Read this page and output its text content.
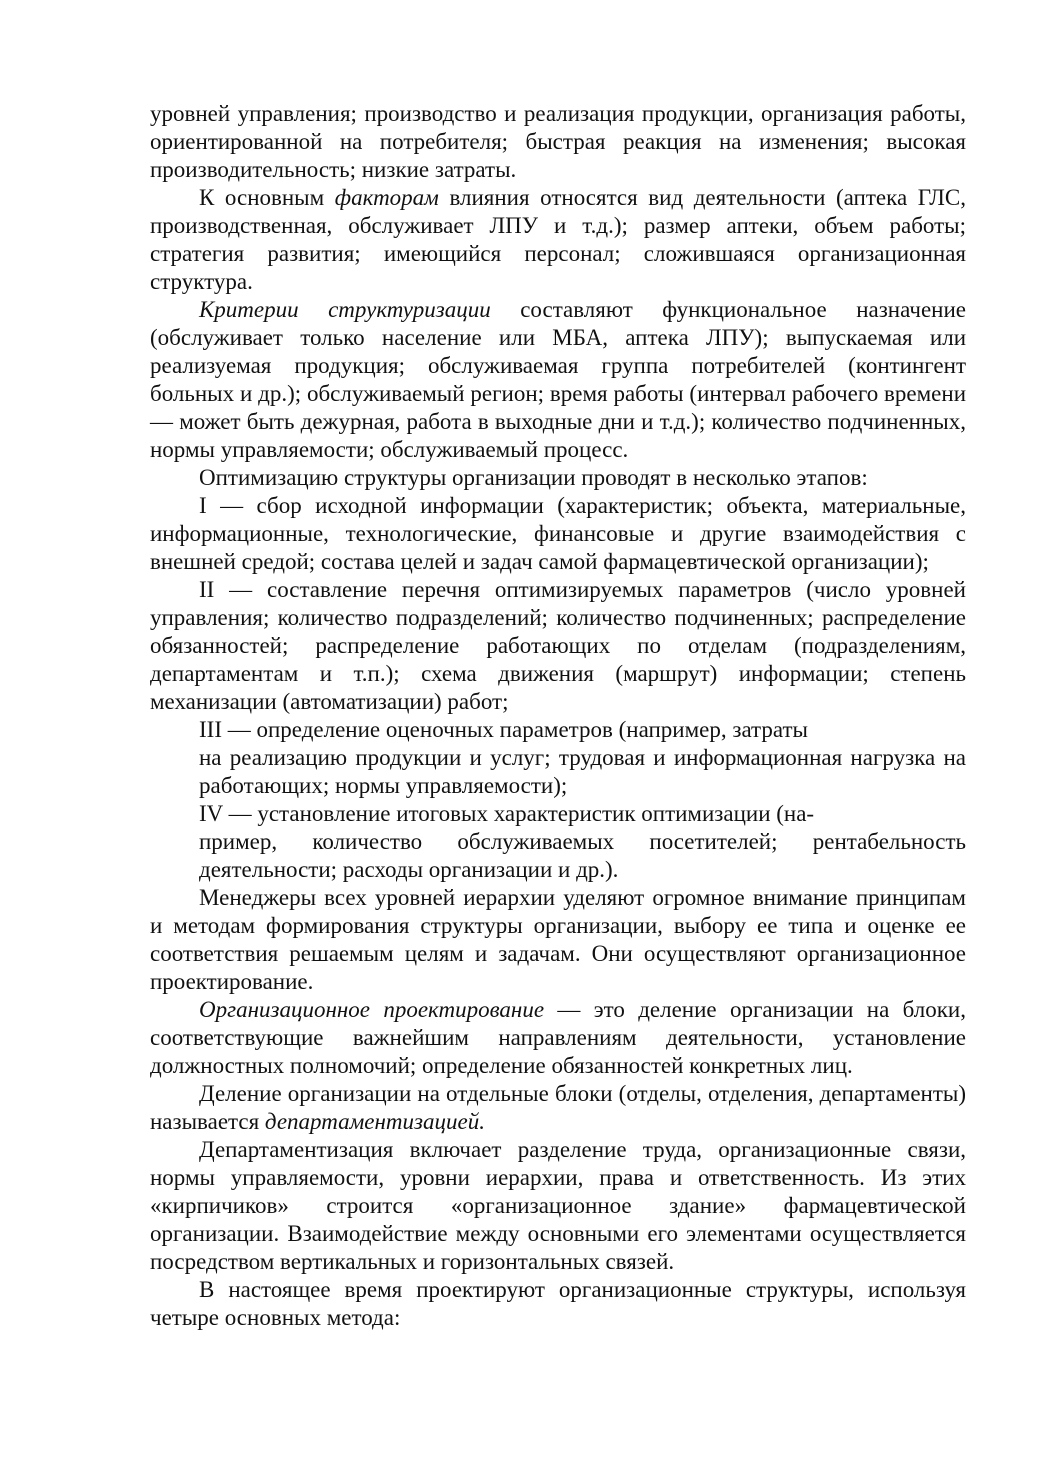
уровней управления; производство и реализация продукции, организация работы, ориентированной на потребителя; быстрая реакция на изменения; высокая производительность; низкие затраты.

К основным факторам влияния относятся вид деятельности (аптека ГЛС, производственная, обслуживает ЛПУ и т.д.); размер аптеки, объем работы; стратегия развития; имеющийся персонал; сложившаяся организационная структура.

Критерии структуризации составляют функциональное назначение (обслуживает только население или МБА, аптека ЛПУ); выпускаемая или реализуемая продукция; обслуживаемая группа потребителей (контингент больных и др.); обслуживаемый регион; время работы (интервал рабочего времени — может быть дежурная, работа в выходные дни и т.д.); количество подчиненных, нормы управляемости; обслуживаемый процесс.

Оптимизацию структуры организации проводят в несколько этапов:

I — сбор исходной информации (характеристик; объекта, материальные, информационные, технологические, финансовые и другие взаимодействия с внешней средой; состава целей и задач самой фармацевтической организации);

II — составление перечня оптимизируемых параметров (число уровней управления; количество подразделений; количество подчиненных; распределение обязанностей; распределение работающих по отделам (подразделениям, департаментам и т.п.); схема движения (маршрут) информации; степень механизации (автоматизации) работ;

III — определение оценочных параметров (например, затраты

на реализацию продукции и услуг; трудовая и информационная нагрузка на работающих; нормы управляемости);

IV — установление итоговых характеристик оптимизации (на-

пример, количество обслуживаемых посетителей; рентабельность деятельности; расходы организации и др.).

Менеджеры всех уровней иерархии уделяют огромное внимание принципам и методам формирования структуры организации, выбору ее типа и оценке ее соответствия решаемым целям и задачам. Они осуществляют организационное проектирование.

Организационное проектирование — это деление организации на блоки, соответствующие важнейшим направлениям деятельности, установление должностных полномочий; определение обязанностей конкретных лиц.

Деление организации на отдельные блоки (отделы, отделения, департаменты) называется департаментизацией.

Департаментизация включает разделение труда, организационные связи, нормы управляемости, уровни иерархии, права и ответственность. Из этих «кирпичиков» строится «организационное здание» фармацевтической организации. Взаимодействие между основными его элементами осуществляется посредством вертикальных и горизонтальных связей.

В настоящее время проектируют организационные структуры, используя четыре основных метода:
